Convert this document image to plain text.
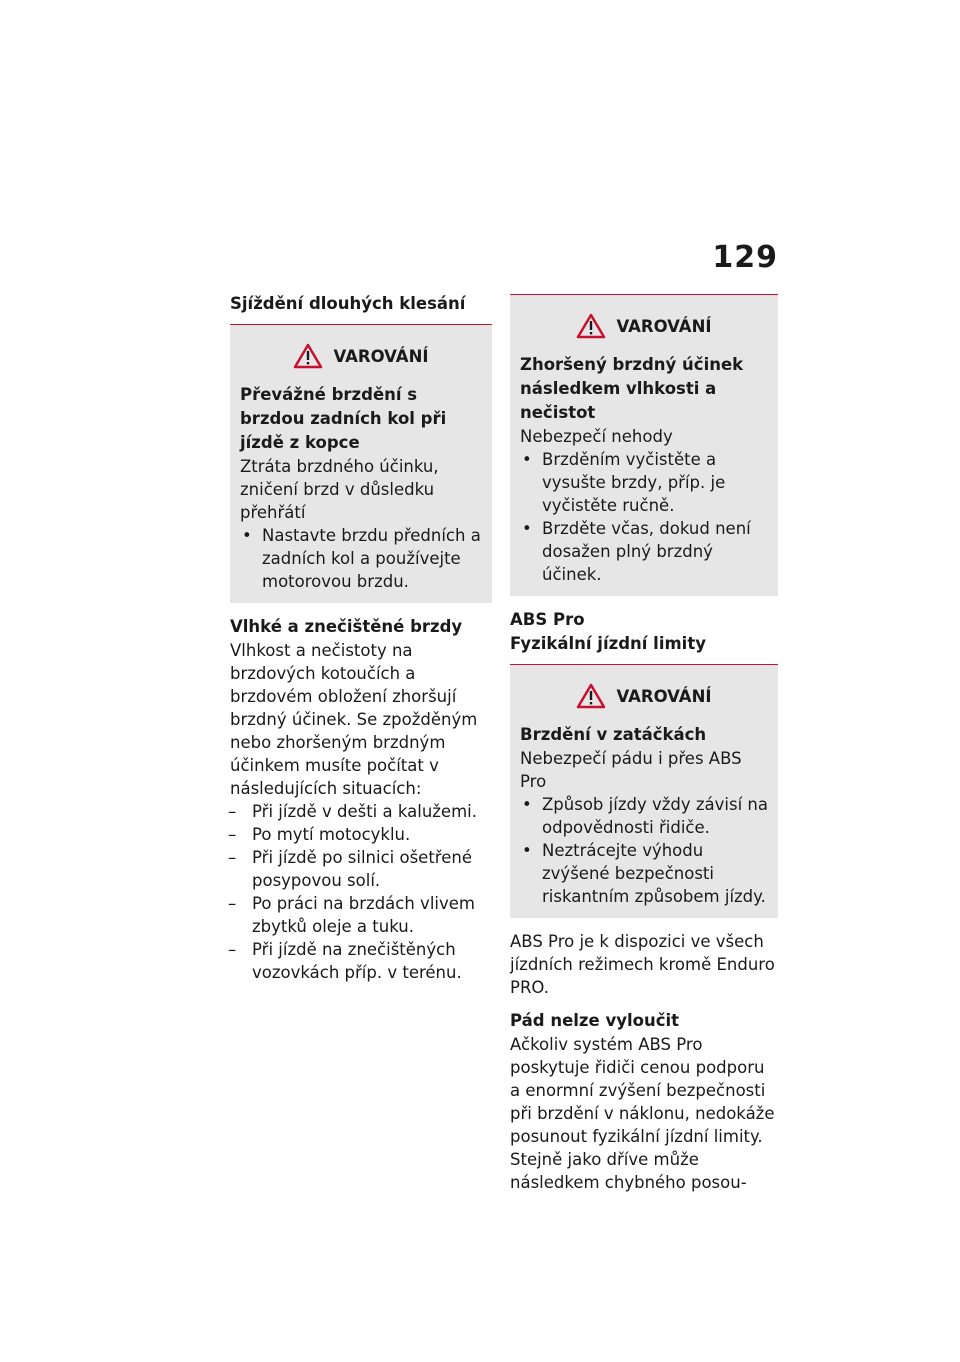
129

Sjíždění dlouhých klesání

VAROVÁNÍ

Převážné brzdění s brzdou zadních kol při jízdě z kopce

Ztráta brzdného účinku, zničení brzd v důsledku přehřátí

• Nastavte brzdu předních a zadních kol a používejte motorovou brzdu.

Vlhké a znečištěné brzdy

Vlhkost a nečistoty na brzdových kotoučích a brzdovém obložení zhoršují brzdný účinek. Se zpožděným nebo zhoršeným brzdným účinkem musíte počítat v následujících situacích:

– Při jízdě v dešti a kalužemi.
– Po mytí motocyklu.
– Při jízdě po silnici ošetřené posypovou solí.
– Po práci na brzdách vlivem zbytků oleje a tuku.
– Při jízdě na znečištěných vozovkách příp. v terénu.
VAROVÁNÍ

Zhoršený brzdný účinek následkem vlhkosti a nečistot

Nebezpečí nehody

• Brzděním vyčistěte a vysušte brzdy, příp. je vyčistěte ručně.
• Brzděte včas, dokud není dosažen plný brzdný účinek.

ABS Pro

Fyzikální jízdní limity

VAROVÁNÍ

Brzdění v zatáčkách

Nebezpečí pádu i přes ABS Pro

• Způsob jízdy vždy závisí na odpovědnosti řidiče.
• Neztrácejte výhodu zvýšené bezpečnosti riskantním způsobem jízdy.

ABS Pro je k dispozici ve všech jízdních režimech kromě Enduro PRO.

Pád nelze vyloučit

Ačkoliv systém ABS Pro poskytuje řidiči cenou podporu a enormní zvýšení bezpečnosti při brzdění v náklonu, nedokáže posunout fyzikální jízdní limity. Stejně jako dříve může následkem chybného posou-
